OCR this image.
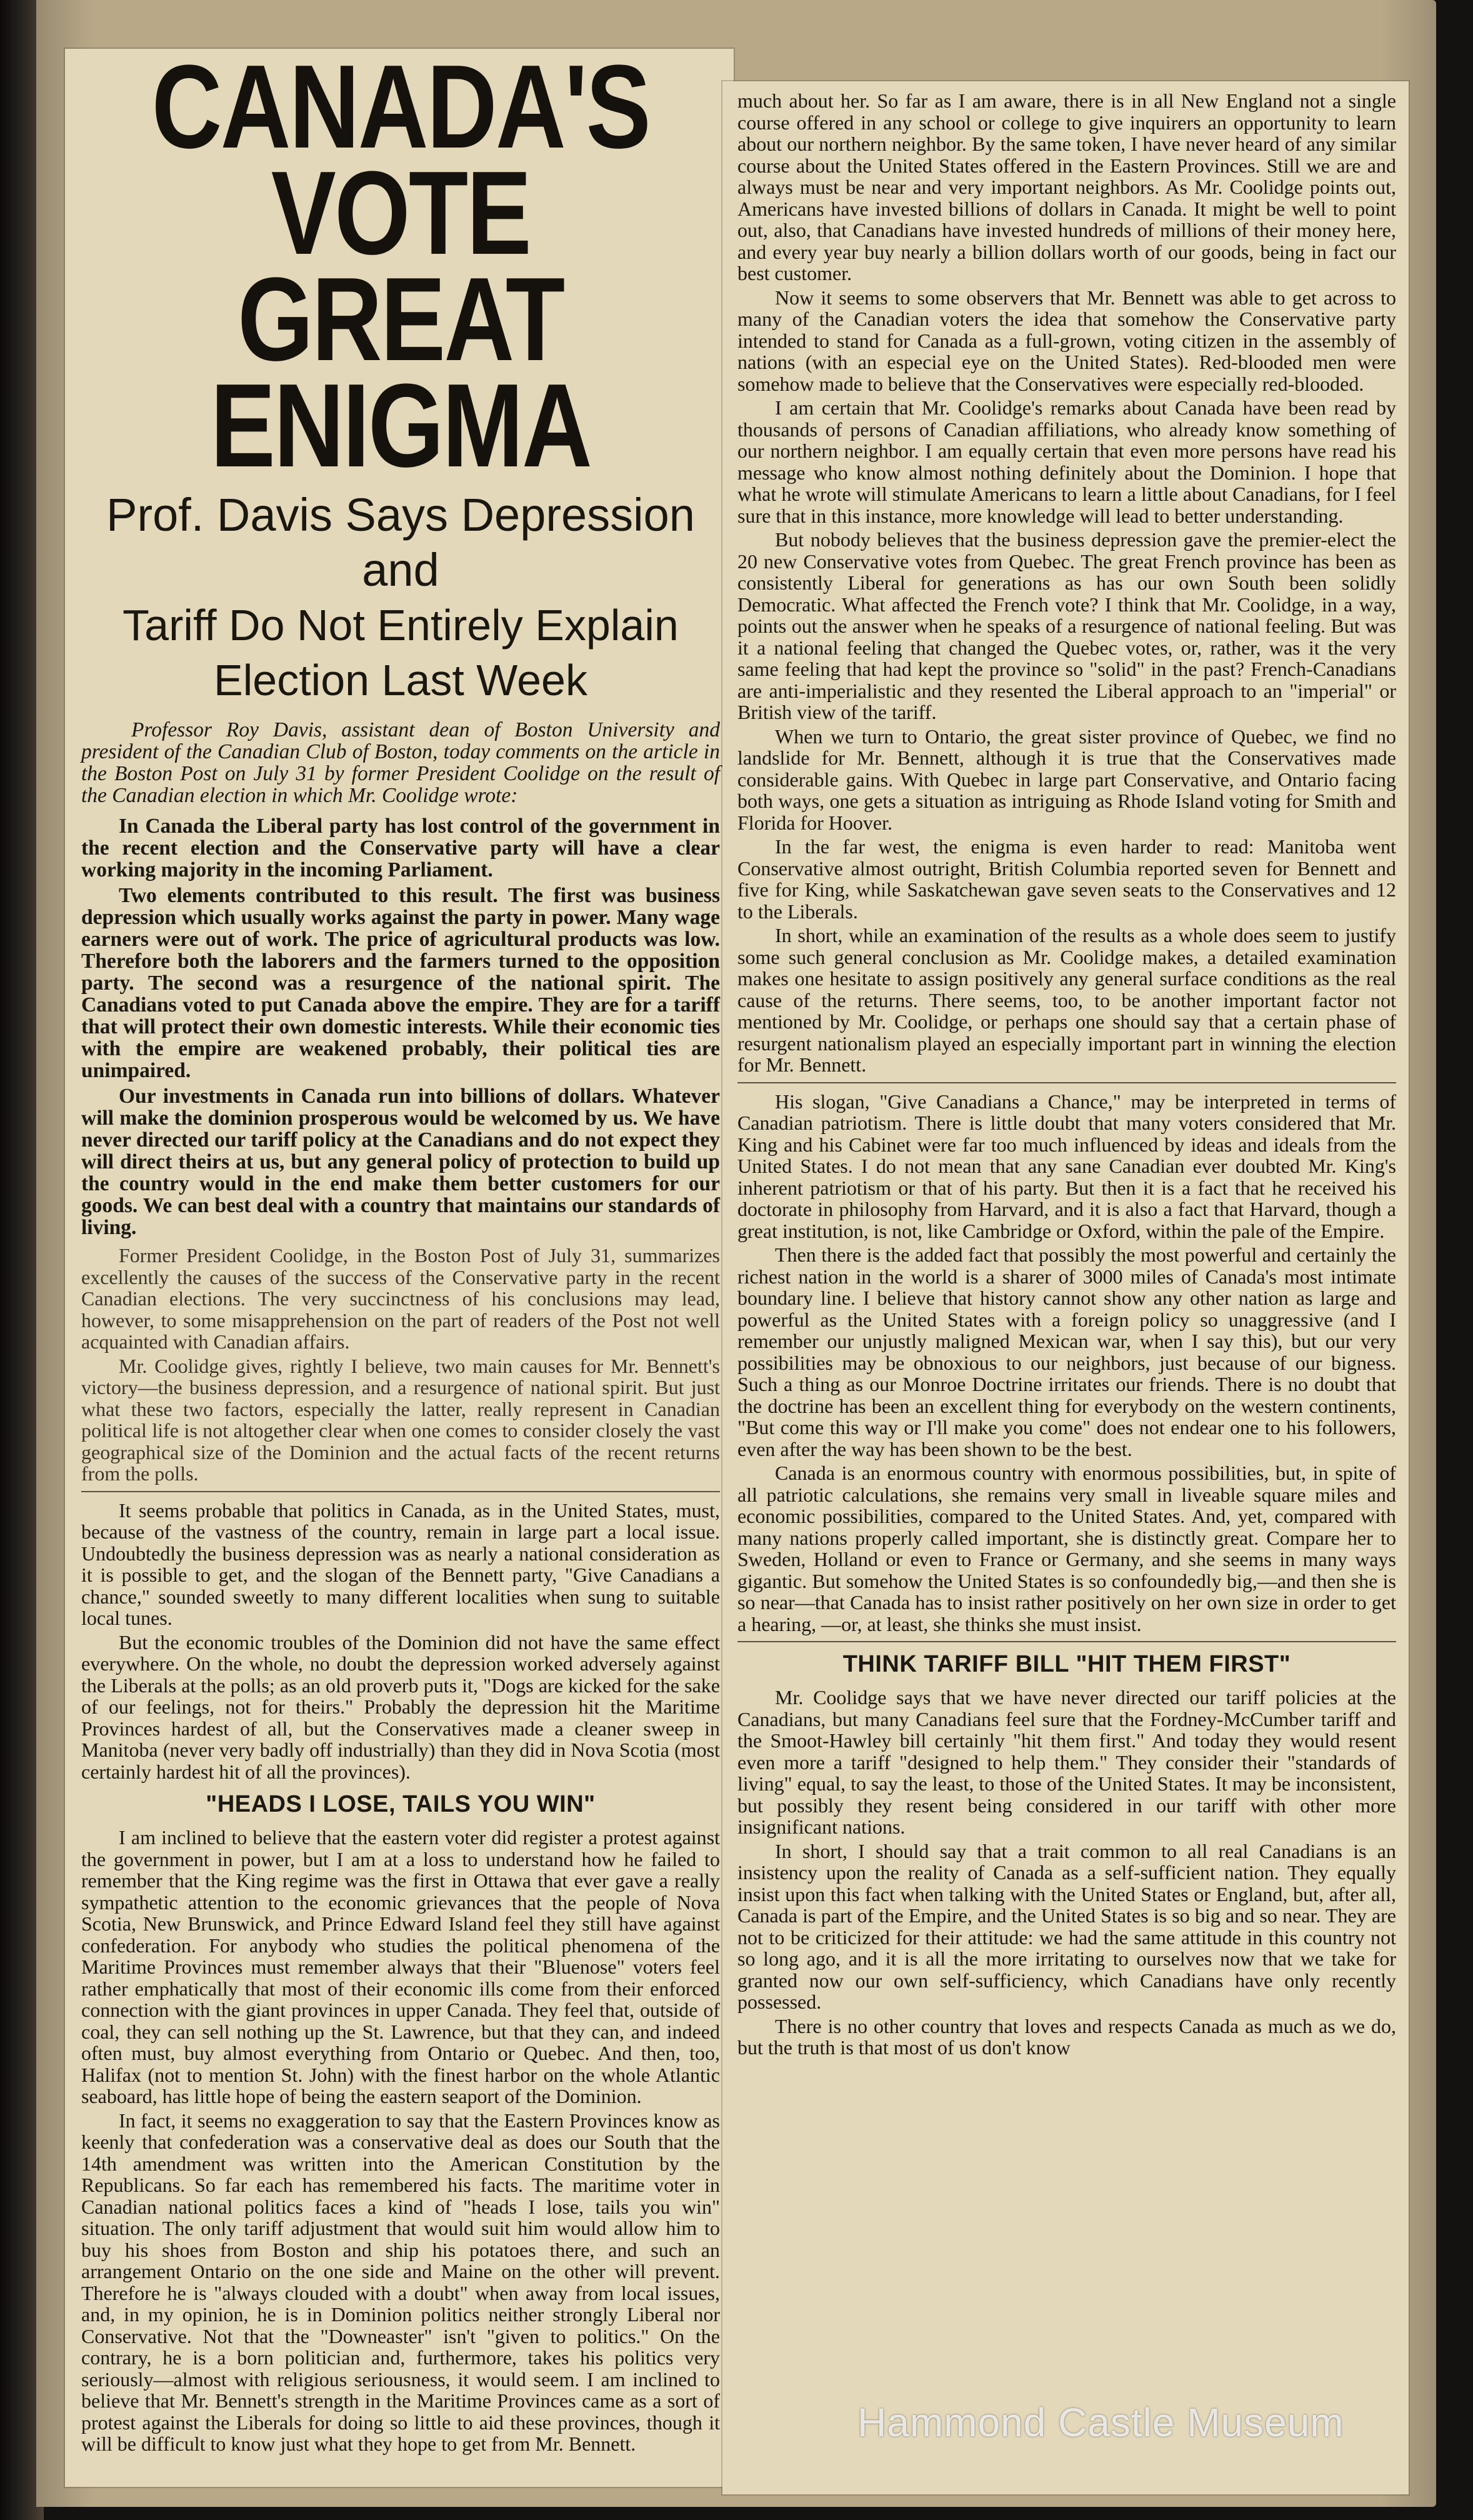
CANADA'S VOTE
GREAT ENIGMA

Prof. Davis Says Depression and

Tariff Do Not Entirely Explain

Election Last Week

Professor Roy Davis, assistant dean of Boston University and president of the Canadian Club of Boston, today comments on the article in the Boston Post on July 31 by former President Coolidge on the result of the Canadian election in which Mr. Coolidge wrote:

In Canada the Liberal party has lost control of the government in the recent election and the Conservative party will have a clear working majority in the incoming Parliament.

Two elements contributed to this result. The first was business depression which usually works against the party in power. Many wage earners were out of work. The price of agricultural products was low. Therefore both the laborers and the farmers turned to the opposition party. The second was a resurgence of the national spirit. The Canadians voted to put Canada above the empire. They are for a tariff that will protect their own domestic interests. While their economic ties with the empire are weakened probably, their political ties are unimpaired.

Our investments in Canada run into billions of dollars. Whatever will make the dominion prosperous would be welcomed by us. We have never directed our tariff policy at the Canadians and do not expect they will direct theirs at us, but any general policy of protection to build up the country would in the end make them better customers for our goods. We can best deal with a country that maintains our standards of living.

Former President Coolidge, in the Boston Post of July 31, summarizes excellently the causes of the success of the Conservative party in the recent Canadian elections. The very succinctness of his conclusions may lead, however, to some misapprehension on the part of readers of the Post not well acquainted with Canadian affairs.

Mr. Coolidge gives, rightly I believe, two main causes for Mr. Bennett's victory—the business depression, and a resurgence of national spirit. But just what these two factors, especially the latter, really represent in Canadian political life is not altogether clear when one comes to consider closely the vast geographical size of the Dominion and the actual facts of the recent returns from the polls.

It seems probable that politics in Canada, as in the United States, must, because of the vastness of the country, remain in large part a local issue. Undoubtedly the business depression was as nearly a national consideration as it is possible to get, and the slogan of the Bennett party, "Give Canadians a chance," sounded sweetly to many different localities when sung to suitable local tunes.

But the economic troubles of the Dominion did not have the same effect everywhere. On the whole, no doubt the depression worked adversely against the Liberals at the polls; as an old proverb puts it, "Dogs are kicked for the sake of our feelings, not for theirs." Probably the depression hit the Maritime Provinces hardest of all, but the Conservatives made a cleaner sweep in Manitoba (never very badly off industrially) than they did in Nova Scotia (most certainly hardest hit of all the provinces).

"HEADS I LOSE, TAILS YOU WIN"

I am inclined to believe that the eastern voter did register a protest against the government in power, but I am at a loss to understand how he failed to remember that the King regime was the first in Ottawa that ever gave a really sympathetic attention to the economic grievances that the people of Nova Scotia, New Brunswick, and Prince Edward Island feel they still have against confederation. For anybody who studies the political phenomena of the Maritime Provinces must remember always that their "Bluenose" voters feel rather emphatically that most of their economic ills come from their enforced connection with the giant provinces in upper Canada. They feel that, outside of coal, they can sell nothing up the St. Lawrence, but that they can, and indeed often must, buy almost everything from Ontario or Quebec. And then, too, Halifax (not to mention St. John) with the finest harbor on the whole Atlantic seaboard, has little hope of being the eastern seaport of the Dominion.

In fact, it seems no exaggeration to say that the Eastern Provinces know as keenly that confederation was a conservative deal as does our South that the 14th amendment was written into the American Constitution by the Republicans. So far each has remembered his facts. The maritime voter in Canadian national politics faces a kind of "heads I lose, tails you win" situation. The only tariff adjustment that would suit him would allow him to buy his shoes from Boston and ship his potatoes there, and such an arrangement Ontario on the one side and Maine on the other will prevent. Therefore he is "always clouded with a doubt" when away from local issues, and, in my opinion, he is in Dominion politics neither strongly Liberal nor Conservative. Not that the "Downeaster" isn't "given to politics." On the contrary, he is a born politician and, furthermore, takes his politics very seriously—almost with religious seriousness, it would seem. I am inclined to believe that Mr. Bennett's strength in the Maritime Provinces came as a sort of protest against the Liberals for doing so little to aid these provinces, though it will be difficult to know just what they hope to get from Mr. Bennett.

much about her. So far as I am aware, there is in all New England not a single course offered in any school or college to give inquirers an opportunity to learn about our northern neighbor. By the same token, I have never heard of any similar course about the United States offered in the Eastern Provinces. Still we are and always must be near and very important neighbors. As Mr. Coolidge points out, Americans have invested billions of dollars in Canada. It might be well to point out, also, that Canadians have invested hundreds of millions of their money here, and every year buy nearly a billion dollars worth of our goods, being in fact our best customer.

Now it seems to some observers that Mr. Bennett was able to get across to many of the Canadian voters the idea that somehow the Conservative party intended to stand for Canada as a full-grown, voting citizen in the assembly of nations (with an especial eye on the United States). Red-blooded men were somehow made to believe that the Conservatives were especially red-blooded.

I am certain that Mr. Coolidge's remarks about Canada have been read by thousands of persons of Canadian affiliations, who already know something of our northern neighbor. I am equally certain that even more persons have read his message who know almost nothing definitely about the Dominion. I hope that what he wrote will stimulate Americans to learn a little about Canadians, for I feel sure that in this instance, more knowledge will lead to better understanding.

But nobody believes that the business depression gave the premier-elect the 20 new Conservative votes from Quebec. The great French province has been as consistently Liberal for generations as has our own South been solidly Democratic. What affected the French vote? I think that Mr. Coolidge, in a way, points out the answer when he speaks of a resurgence of national feeling. But was it a national feeling that changed the Quebec votes, or, rather, was it the very same feeling that had kept the province so "solid" in the past? French-Canadians are anti-imperialistic and they resented the Liberal approach to an "imperial" or British view of the tariff.

When we turn to Ontario, the great sister province of Quebec, we find no landslide for Mr. Bennett, although it is true that the Conservatives made considerable gains. With Quebec in large part Conservative, and Ontario facing both ways, one gets a situation as intriguing as Rhode Island voting for Smith and Florida for Hoover.

In the far west, the enigma is even harder to read: Manitoba went Conservative almost outright, British Columbia reported seven for Bennett and five for King, while Saskatchewan gave seven seats to the Conservatives and 12 to the Liberals.

In short, while an examination of the results as a whole does seem to justify some such general conclusion as Mr. Coolidge makes, a detailed examination makes one hesitate to assign positively any general surface conditions as the real cause of the returns. There seems, too, to be another important factor not mentioned by Mr. Coolidge, or perhaps one should say that a certain phase of resurgent nationalism played an especially important part in winning the election for Mr. Bennett.

His slogan, "Give Canadians a Chance," may be interpreted in terms of Canadian patriotism. There is little doubt that many voters considered that Mr. King and his Cabinet were far too much influenced by ideas and ideals from the United States. I do not mean that any sane Canadian ever doubted Mr. King's inherent patriotism or that of his party. But then it is a fact that he received his doctorate in philosophy from Harvard, and it is also a fact that Harvard, though a great institution, is not, like Cambridge or Oxford, within the pale of the Empire.

Then there is the added fact that possibly the most powerful and certainly the richest nation in the world is a sharer of 3000 miles of Canada's most intimate boundary line. I believe that history cannot show any other nation as large and powerful as the United States with a foreign policy so unaggressive (and I remember our unjustly maligned Mexican war, when I say this), but our very possibilities may be obnoxious to our neighbors, just because of our bigness. Such a thing as our Monroe Doctrine irritates our friends. There is no doubt that the doctrine has been an excellent thing for everybody on the western continents, "But come this way or I'll make you come" does not endear one to his followers, even after the way has been shown to be the best.

Canada is an enormous country with enormous possibilities, but, in spite of all patriotic calculations, she remains very small in liveable square miles and economic possibilities, compared to the United States. And, yet, compared with many nations properly called important, she is distinctly great. Compare her to Sweden, Holland or even to France or Germany, and she seems in many ways gigantic. But somehow the United States is so confoundedly big,—and then she is so near—that Canada has to insist rather positively on her own size in order to get a hearing, —or, at least, she thinks she must insist.

THINK TARIFF BILL "HIT THEM FIRST"

Mr. Coolidge says that we have never directed our tariff policies at the Canadians, but many Canadians feel sure that the Fordney-McCumber tariff and the Smoot-Hawley bill certainly "hit them first." And today they would resent even more a tariff "designed to help them." They consider their "standards of living" equal, to say the least, to those of the United States. It may be inconsistent, but possibly they resent being considered in our tariff with other more insignificant nations.

In short, I should say that a trait common to all real Canadians is an insistency upon the reality of Canada as a self-sufficient nation. They equally insist upon this fact when talking with the United States or England, but, after all, Canada is part of the Empire, and the United States is so big and so near. They are not to be criticized for their attitude: we had the same attitude in this country not so long ago, and it is all the more irritating to ourselves now that we take for granted now our own self-sufficiency, which Canadians have only recently possessed.

There is no other country that loves and respects Canada as much as we do, but the truth is that most of us don't know

Hammond Castle Museum
